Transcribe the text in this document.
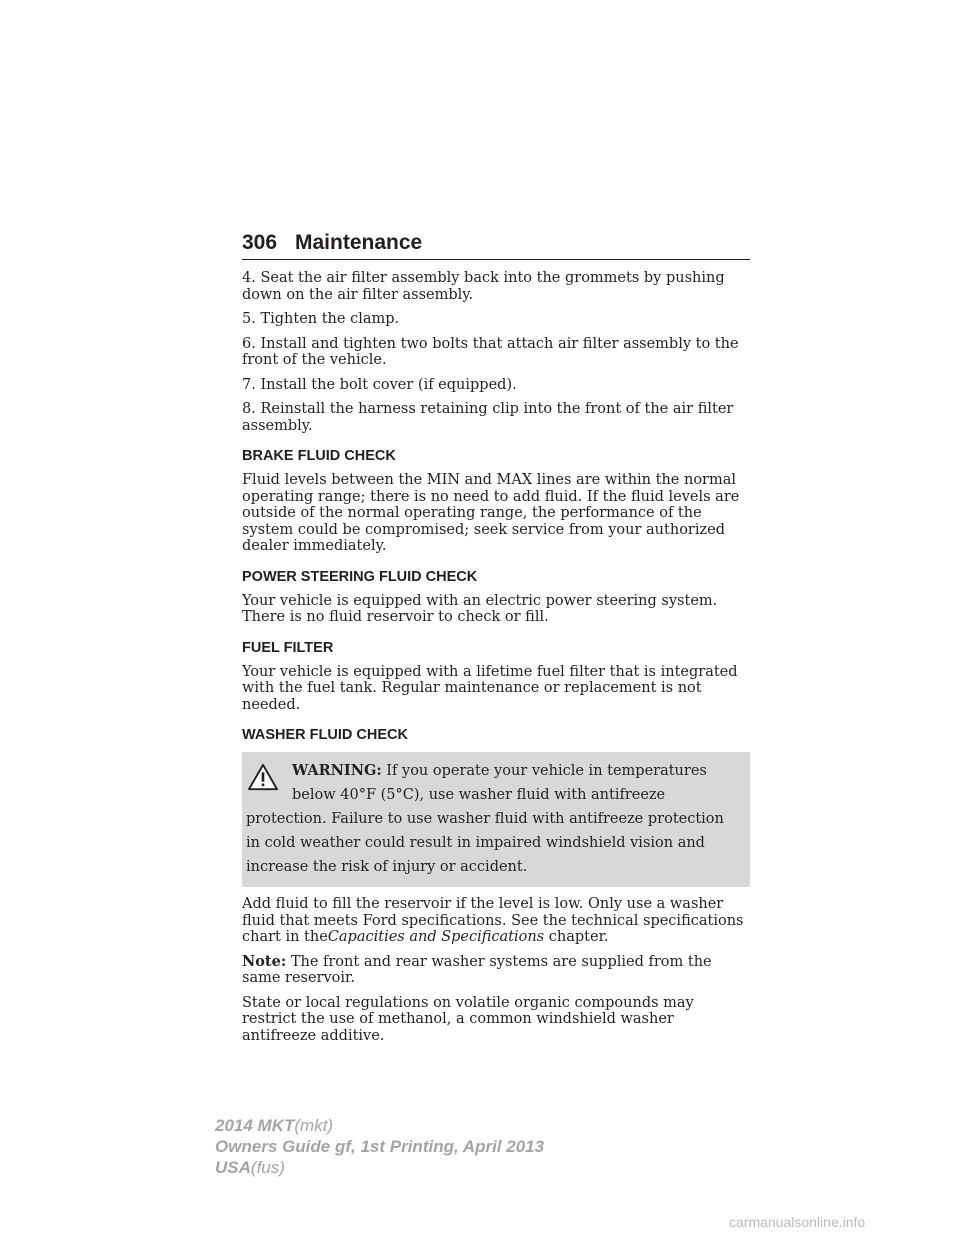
306 Maintenance

4. Seat the air filter assembly back into the grommets by pushing down on the air filter assembly.

5. Tighten the clamp.

6. Install and tighten two bolts that attach air filter assembly to the front of the vehicle.

7. Install the bolt cover (if equipped).

8. Reinstall the harness retaining clip into the front of the air filter assembly.

BRAKE FLUID CHECK

Fluid levels between the MIN and MAX lines are within the normal operating range; there is no need to add fluid. If the fluid levels are outside of the normal operating range, the performance of the system could be compromised; seek service from your authorized dealer immediately.

POWER STEERING FLUID CHECK

Your vehicle is equipped with an electric power steering system. There is no fluid reservoir to check or fill.

FUEL FILTER

Your vehicle is equipped with a lifetime fuel filter that is integrated with the fuel tank. Regular maintenance or replacement is not needed.

WASHER FLUID CHECK
WARNING: If you operate your vehicle in temperatures below 40°F (5°C), use washer fluid with antifreeze protection. Failure to use washer fluid with antifreeze protection in cold weather could result in impaired windshield vision and increase the risk of injury or accident.

Add fluid to fill the reservoir if the level is low. Only use a washer fluid that meets Ford specifications. See the technical specifications chart in theCapacities and Specifications chapter.

Note: The front and rear washer systems are supplied from the same reservoir.

State or local regulations on volatile organic compounds may restrict the use of methanol, a common windshield washer antifreeze additive.

2014 MKT(mkt)
Owners Guide gf, 1st Printing, April 2013
USA(fus)
carmanualsonline.info
